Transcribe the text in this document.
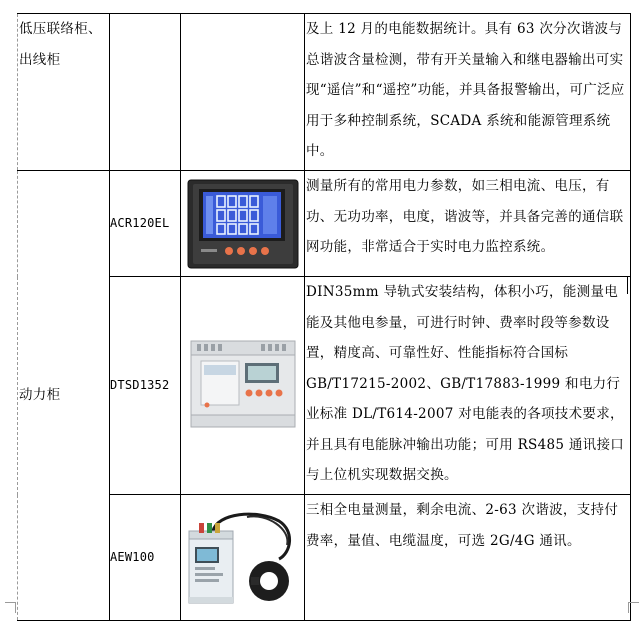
低压联络柜、出线柜			及上 12 月的电能数据统计。具有 63 次分次谐波与总谐波含量检测，带有开关量输入和继电器输出可实现“遥信”和“遥控”功能，并具备报警输出，可广泛应用于多种控制系统，SCADA 系统和能源管理系统中。

动力柜	ACR120EL		测量所有的常用电力参数，如三相电流、电压，有功、无功功率，电度，谐波等，并具备完善的通信联网功能，非常适合于实时电力监控系统。

	DTSD1352		DIN35mm 导轨式安装结构，体积小巧，能测量电能及其他电参量，可进行时钟、费率时段等参数设置，精度高、可靠性好、性能指标符合国标 GB/T17215-2002、GB/T17883-1999 和电力行业标准 DL/T614-2007 对电能表的各项技术要求，并且具有电能脉冲输出功能；可用 RS485 通讯接口与上位机实现数据交换。

	AEW100		三相全电量测量，剩余电流、2-63 次谐波，支持付费率，量值、电缆温度，可选 2G/4G 通讯。
